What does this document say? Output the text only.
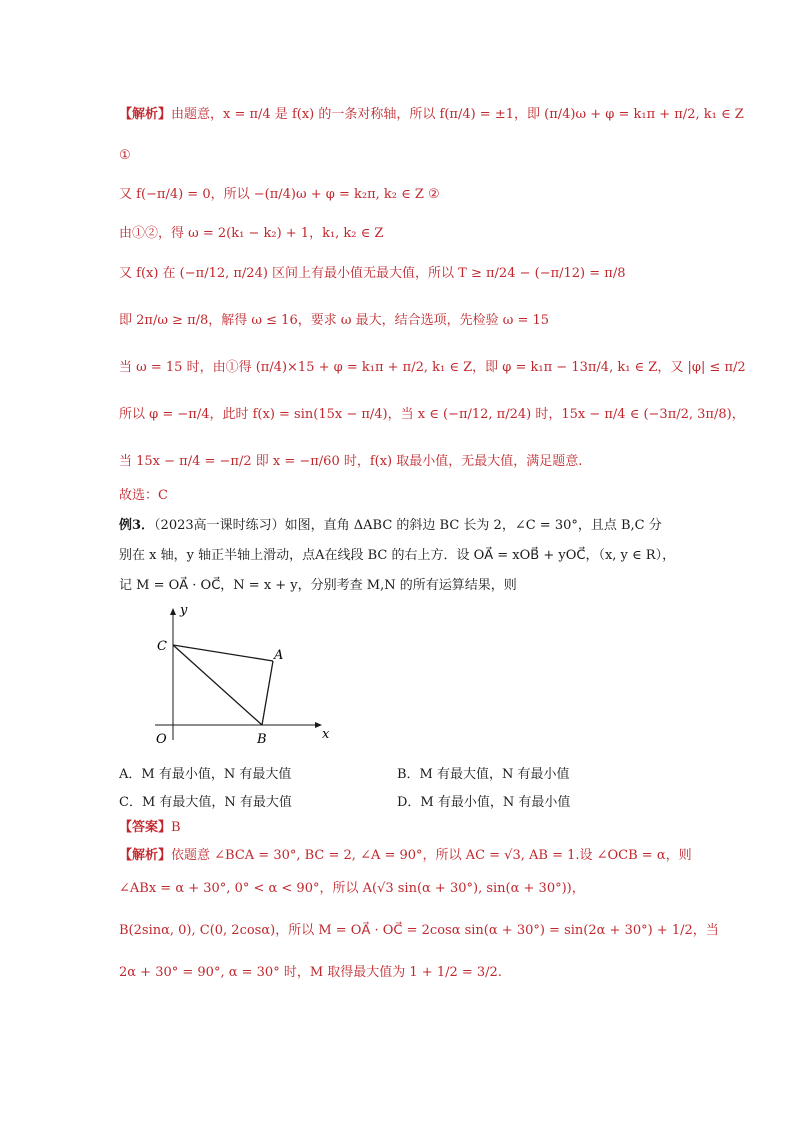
【解析】由题意，x = π/4 是 f(x) 的一条对称轴，所以 f(π/4) = ±1，即 (π/4)ω + φ = k₁π + π/2, k₁ ∈ Z
①
又 f(−π/4) = 0，所以 −(π/4)ω + φ = k₂π, k₂ ∈ Z ②
由①②，得 ω = 2(k₁ − k₂) + 1，k₁, k₂ ∈ Z
又 f(x) 在 (−π/12, π/24) 区间上有最小值无最大值，所以 T ≥ π/24 − (−π/12) = π/8
即 2π/ω ≥ π/8，解得 ω ≤ 16，要求 ω 最大，结合选项，先检验 ω = 15
当 ω = 15 时，由①得 (π/4)×15 + φ = k₁π + π/2, k₁ ∈ Z，即 φ = k₁π − 13π/4, k₁ ∈ Z，又 |φ| ≤ π/2
所以 φ = −π/4，此时 f(x) = sin(15x − π/4)，当 x ∈ (−π/12, π/24) 时，15x − π/4 ∈ (−3π/2, 3π/8)，
当 15x − π/4 = −π/2 即 x = −π/60 时，f(x) 取最小值，无最大值，满足题意.
故选：C
例3．（2023高一课时练习）如图，直角 ΔABC 的斜边 BC 长为 2，∠C = 30°，且点 B,C 分
别在 x 轴，y 轴正半轴上滑动，点A在线段 BC 的右上方．设 OA⃗ = xOB⃗ + yOC⃗，（x, y ∈ R），
记 M = OA⃗ · OC⃗，N = x + y，分别考查 M,N 的所有运算结果，则
y
C
A
O	B	x
A．M 有最小值，N 有最大值	B．M 有最大值，N 有最小值
C．M 有最大值，N 有最大值	D．M 有最小值，N 有最小值
【答案】B
【解析】依题意 ∠BCA = 30°, BC = 2, ∠A = 90°，所以 AC = √3, AB = 1.设 ∠OCB = α，则
∠ABx = α + 30°, 0° < α < 90°，所以 A(√3 sin(α + 30°), sin(α + 30°))，
B(2sinα, 0), C(0, 2cosα)，所以 M = OA⃗ · OC⃗ = 2cosα sin(α + 30°) = sin(2α + 30°) + 1/2，当
2α + 30° = 90°, α = 30° 时，M 取得最大值为 1 + 1/2 = 3/2.
